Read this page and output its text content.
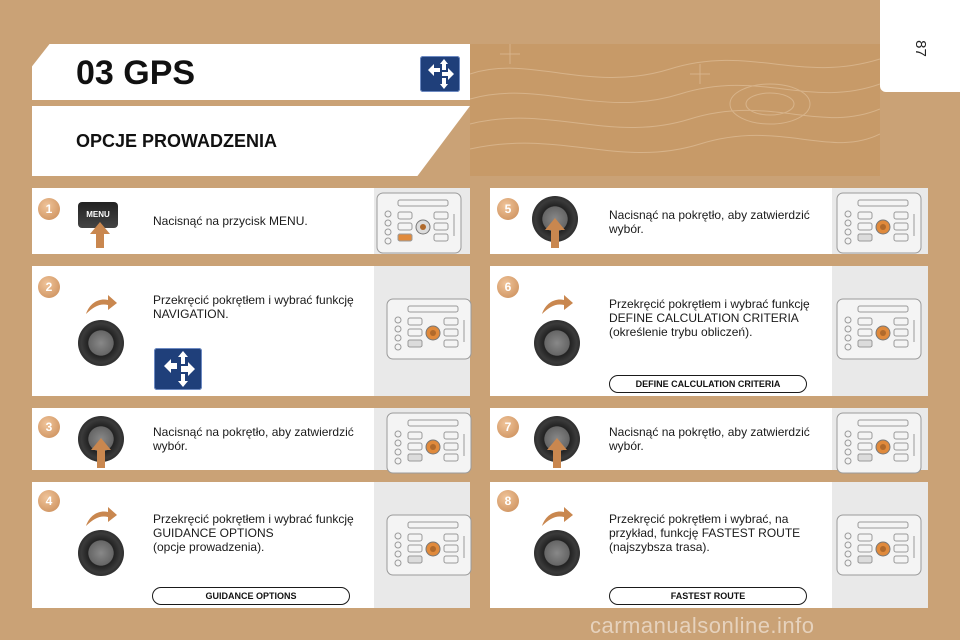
87
03 GPS
OPCJE PROWADZENIA
1	MENU	Nacisnąć na przycisk MENU.
2
Przekręcić pokrętłem i wybrać funkcję
NAVIGATION.
3	Nacisnąć na pokrętło, aby zatwierdzić
wybór.
4
Przekręcić pokrętłem i wybrać funkcję
GUIDANCE OPTIONS
(opcje prowadzenia).
GUIDANCE OPTIONS
5	Nacisnąć na pokrętło, aby zatwierdzić
wybór.
6
Przekręcić pokrętłem i wybrać funkcję
DEFINE CALCULATION CRITERIA
(określenie trybu obliczeń).
DEFINE CALCULATION CRITERIA
7	Nacisnąć na pokrętło, aby zatwierdzić
wybór.
8
Przekręcić pokrętłem i wybrać, na
przykład, funkcję FASTEST ROUTE
(najszybsza trasa).
FASTEST ROUTE
carmanualsonline.info
